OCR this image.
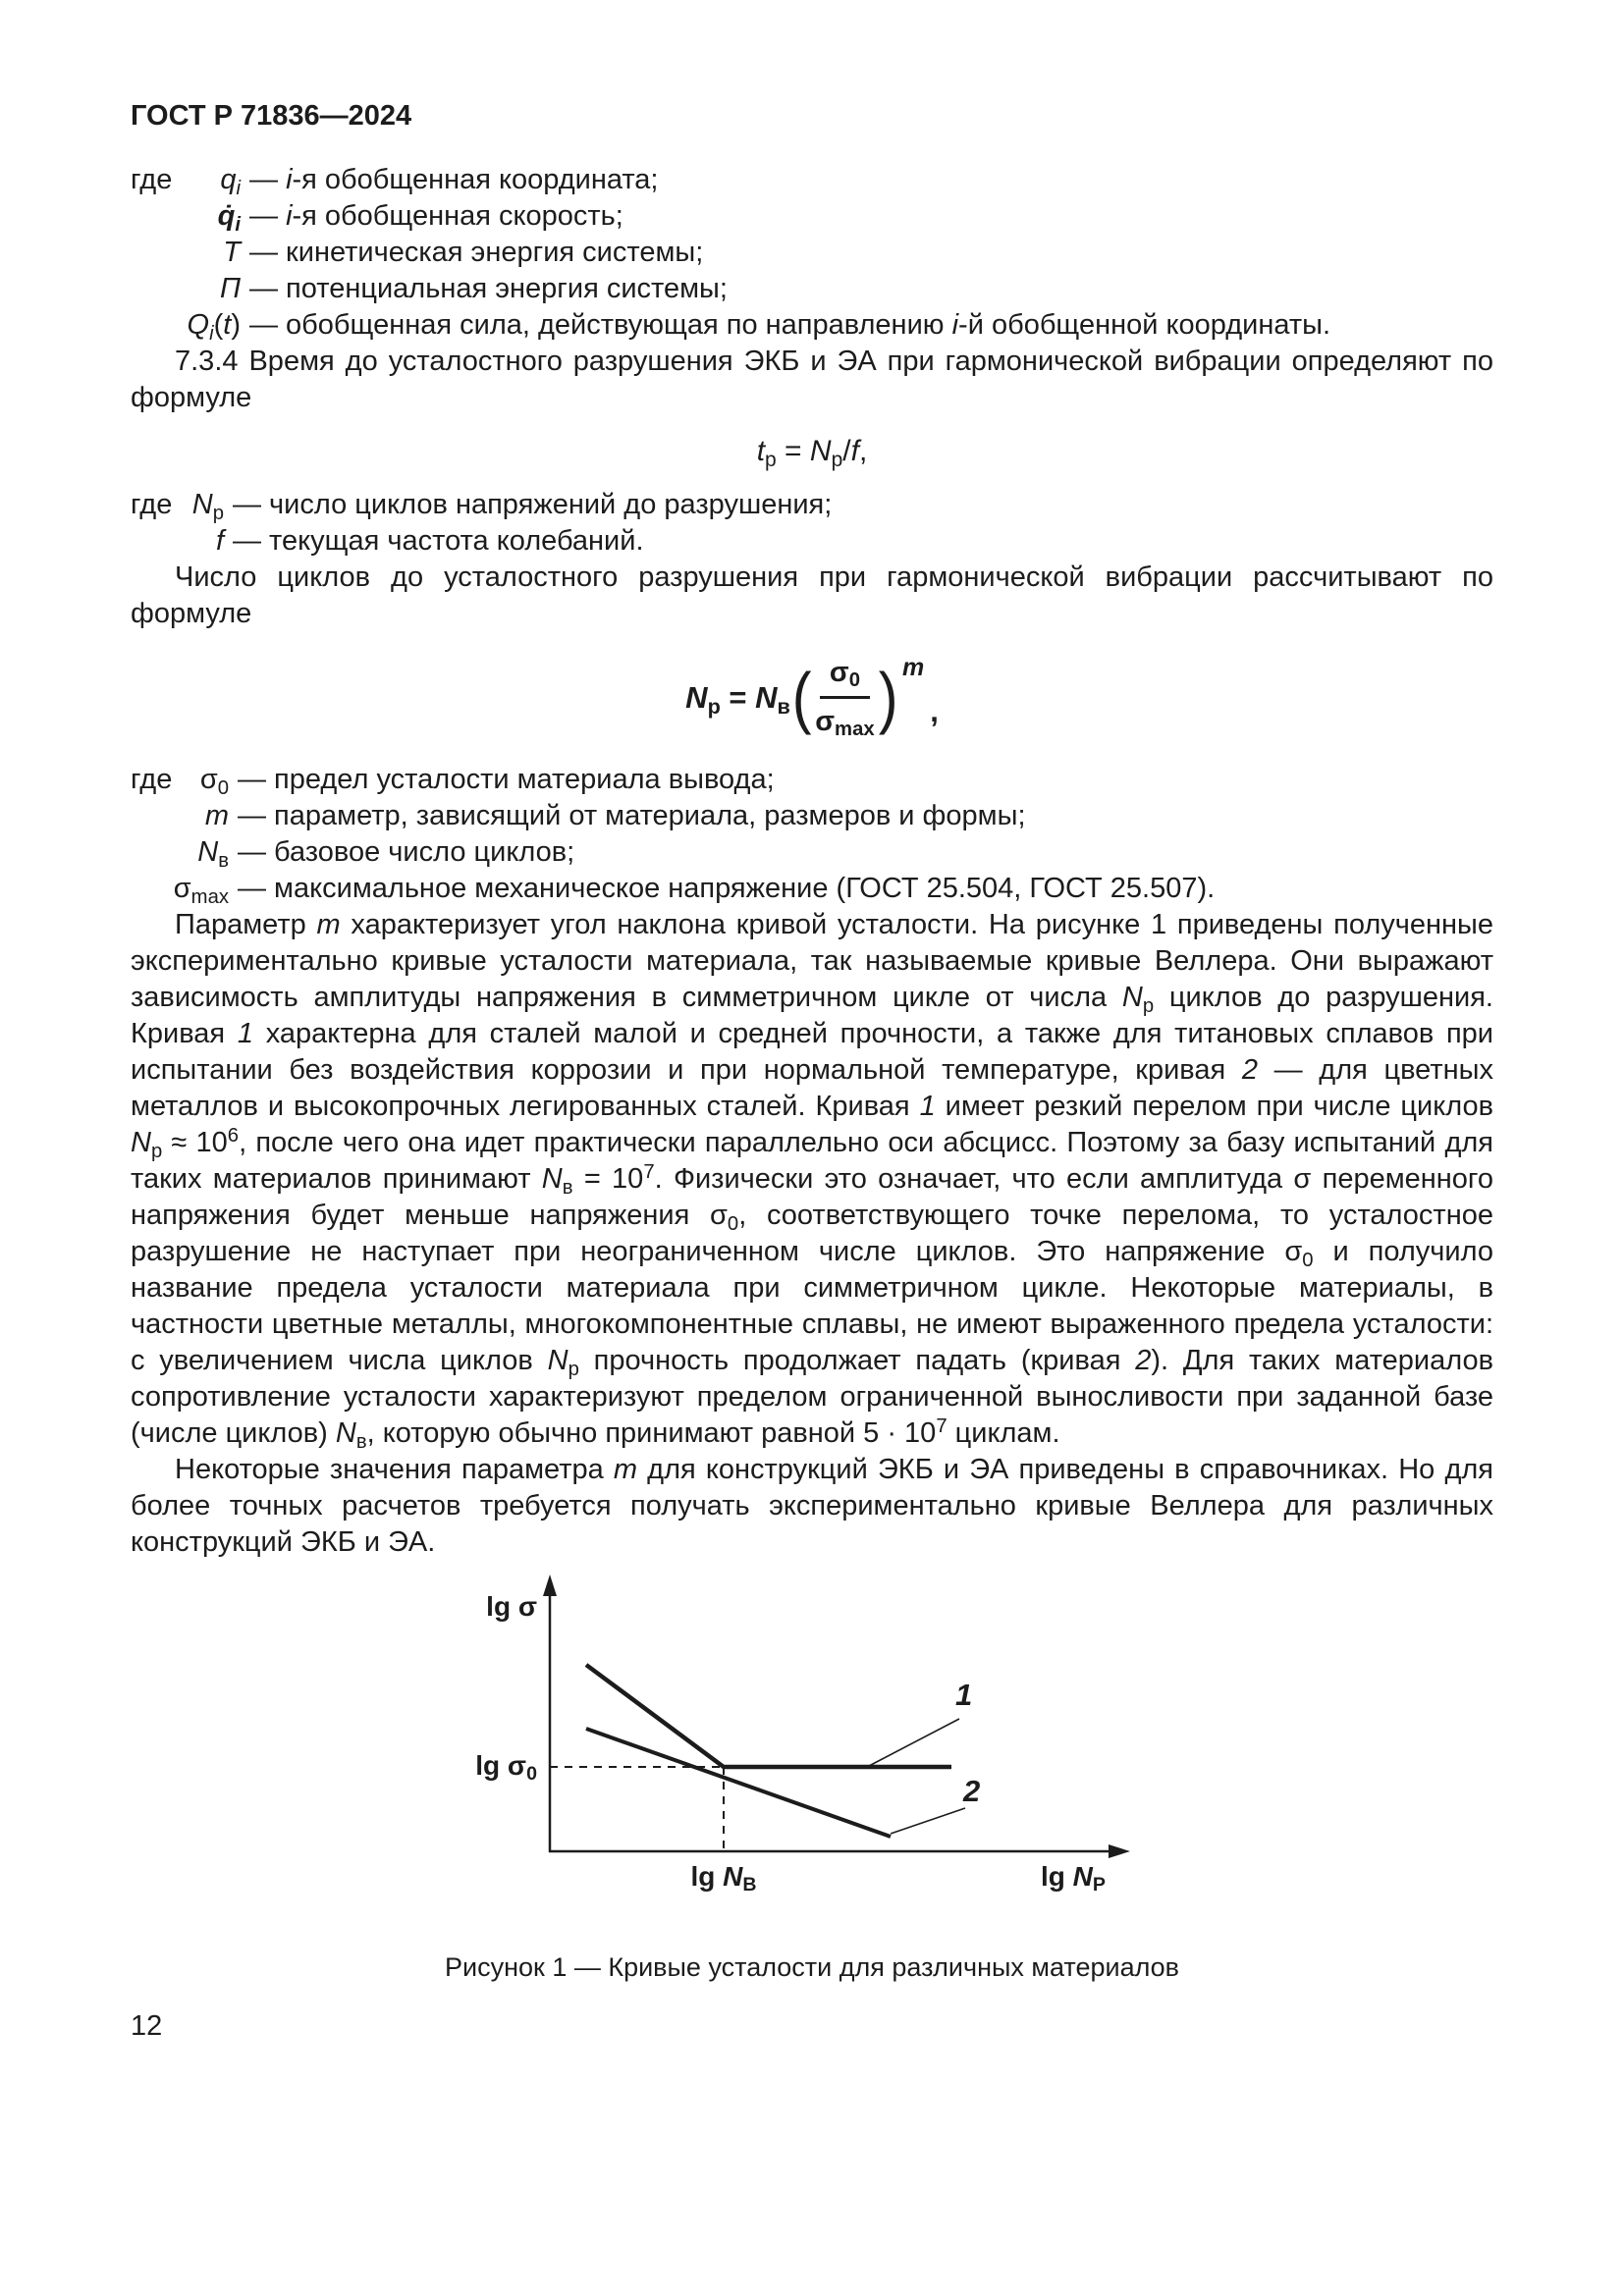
ГОСТ Р 71836—2024
где $q_i$ — i-я обобщенная координата;
$q̇_i$ — i-я обобщенная скорость;
T — кинетическая энергия системы;
П — потенциальная энергия системы;
$Q_i(t)$ — обобщенная сила, действующая по направлению i-й обобщенной координаты.

7.3.4 Время до усталостного разрушения ЭКБ и ЭА при гармонической вибрации определяют по формуле

$t_р = N_р/f$,
где $N_р$ — число циклов напряжений до разрушения;
f — текущая частота колебаний.

Число циклов до усталостного разрушения при гармонической вибрации рассчитывают по формуле

$N_р = N_в$ ( $\frac{\sigma_0}{\sigma_{max}}$ ) m
,
где $\sigma_0$ — предел усталости материала вывода;
m — параметр, зависящий от материала, размеров и формы;
$N_в$ — базовое число циклов;
$\sigma_{max}$ — максимальное механическое напряжение (ГОСТ 25.504, ГОСТ 25.507).

Параметр m характеризует угол наклона кривой усталости. На рисунке 1 приведены полученные экспериментально кривые усталости материала, так называемые кривые Веллера. Они выражают зависимость амплитуды напряжения в симметричном цикле от числа $N_р$ циклов до разрушения. Кривая 1 характерна для сталей малой и средней прочности, а также для титановых сплавов при испытании без воздействия коррозии и при нормальной температуре, кривая 2 — для цветных металлов и высокопрочных легированных сталей. Кривая 1 имеет резкий перелом при числе циклов $N_р \approx 10^6$, после чего она идет практически параллельно оси абсцисс. Поэтому за базу испытаний для таких материалов принимают $N_в = 10^7$. Физически это означает, что если амплитуда σ переменного напряжения будет меньше напряжения $\sigma_0$, соответствующего точке перелома, то усталостное разрушение не наступает при неограниченном числе циклов. Это напряжение $\sigma_0$ и получило название предела усталости материала при симметричном цикле. Некоторые материалы, в частности цветные металлы, многокомпонентные сплавы, не имеют выраженного предела усталости: с увеличением числа циклов $N_р$ прочность продолжает падать (кривая 2). Для таких материалов сопротивление усталости характеризуют пределом ограниченной выносливости при заданной базе (числе циклов) $N_в$, которую обычно принимают равной $5 \cdot 10^7$ циклам.

Некоторые значения параметра m для конструкций ЭКБ и ЭА приведены в справочниках. Но для более точных расчетов требуется получать экспериментально кривые Веллера для различных конструкций ЭКБ и ЭА.

lg σ
$\lg \sigma_0$
$\lg N_В$	$\lg N_Р$
1
2
Рисунок 1 — Кривые усталости для различных материалов
12
